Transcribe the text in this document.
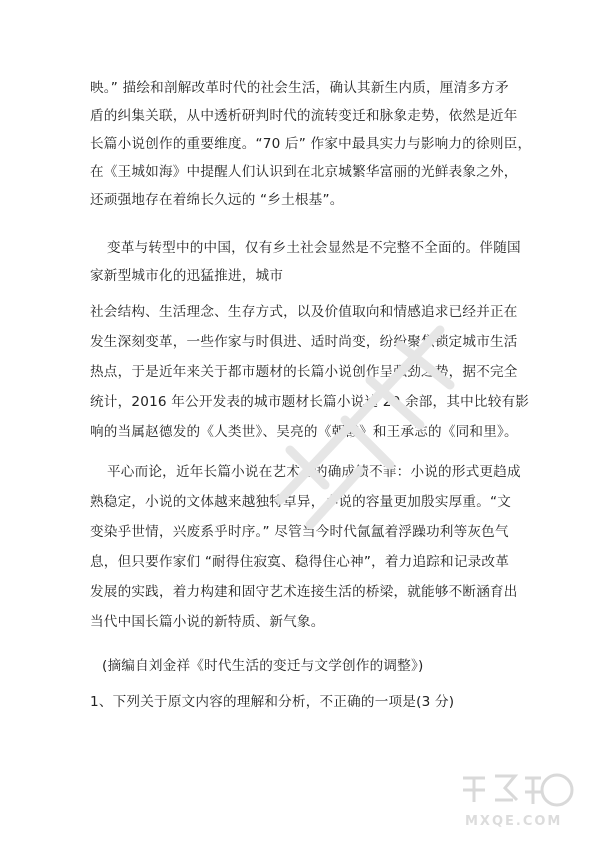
映。” 描绘和剖解改革时代的社会生活，确认其新生内质，厘清多方矛
盾的纠集关联，从中透析研判时代的流转变迁和脉象走势，依然是近年
长篇小说创作的重要维度。“70 后” 作家中最具实力与影响力的徐则臣，
在《王城如海》中提醒人们认识到在北京城繁华富丽的光鲜表象之外，
还顽强地存在着绵长久远的 “乡土根基”。
变革与转型中的中国，仅有乡土社会显然是不完整不全面的。伴随国
家新型城市化的迅猛推进，城市
社会结构、生活理念、生存方式，以及价值取向和情感追求已经并正在
发生深刻变革，一些作家与时俱进、适时尚变，纷纷聚焦锁定城市生活
热点，于是近年来关于都市题材的长篇小说创作呈强劲之势，据不完全
统计，2016 年公开发表的城市题材长篇小说达 20 余部，其中比较有影
响的当属赵德发的《人类世》、吴亮的《朝霞》和王承志的《同和里》。
平心而论，近年长篇小说在艺术上的确成绩不菲：小说的形式更趋成
熟稳定，小说的文体越来越独特卓异，小说的容量更加殷实厚重。“文
变染乎世情，兴废系乎时序。” 尽管当今时代氤氲着浮躁功利等灰色气
息，但只要作家们 “耐得住寂寞、稳得住心神”，着力追踪和记录改革
发展的实践，着力构建和固守艺术连接生活的桥梁，就能够不断涵育出
当代中国长篇小说的新特质、新气象。
(摘编自刘金祥《时代生活的变迁与文学创作的调整》)
1、下列关于原文内容的理解和分析，不正确的一项是(3 分)
MXQE.COM
